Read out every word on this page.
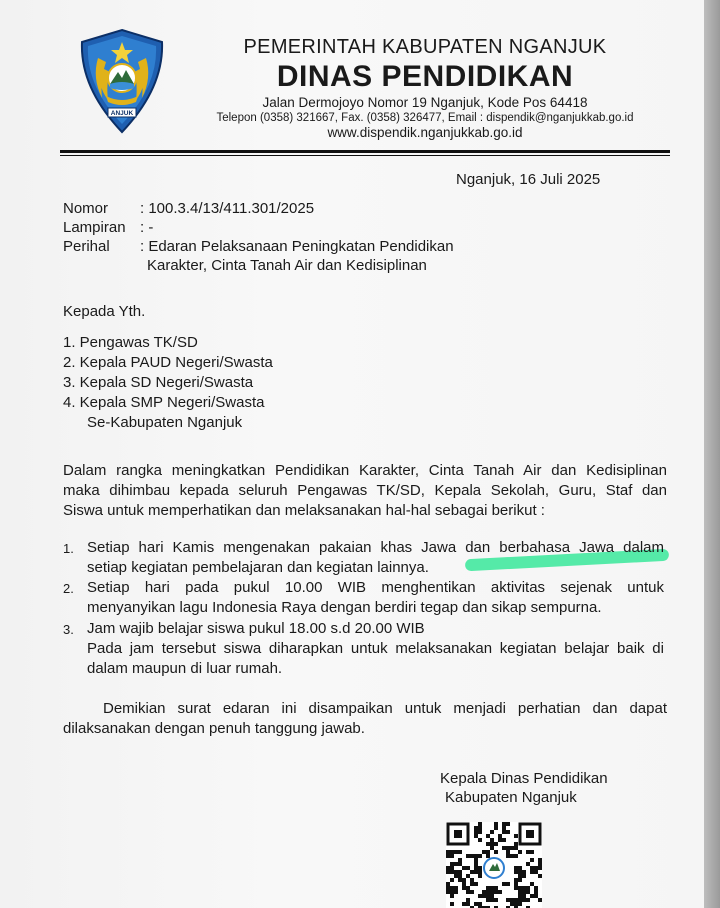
ANJUK
PEMERINTAH KABUPATEN NGANJUK
DINAS PENDIDIKAN
Jalan Dermojoyo Nomor 19 Nganjuk, Kode Pos 64418
Telepon (0358) 321667, Fax. (0358) 326477, Email : dispendik@nganjukkab.go.id
www.dispendik.nganjukkab.go.id
Nganjuk, 16 Juli 2025
Nomor : 100.3.4/13/411.301/2025
Lampiran : -
Perihal : Edaran Pelaksanaan Peningkatan Pendidikan
Karakter, Cinta Tanah Air dan Kedisiplinan
Kepada Yth.
1. Pengawas TK/SD
2. Kepala PAUD Negeri/Swasta
3. Kepala SD Negeri/Swasta
4. Kepala SMP Negeri/Swasta
Se-Kabupaten Nganjuk
Dalam rangka meningkatkan Pendidikan Karakter, Cinta Tanah Air dan Kedisiplinan
maka dihimbau kepada seluruh Pengawas TK/SD, Kepala Sekolah, Guru, Staf dan
Siswa untuk memperhatikan dan melaksanakan hal-hal sebagai berikut :
1. Setiap hari Kamis mengenakan pakaian khas Jawa dan berbahasa Jawa dalam
setiap kegiatan pembelajaran dan kegiatan lainnya.
2. Setiap hari pada pukul 10.00 WIB menghentikan aktivitas sejenak untuk
menyanyikan lagu Indonesia Raya dengan berdiri tegap dan sikap sempurna.
3. Jam wajib belajar siswa pukul 18.00 s.d 20.00 WIB
Pada jam tersebut siswa diharapkan untuk melaksanakan kegiatan belajar baik di
dalam maupun di luar rumah.
Demikian surat edaran ini disampaikan untuk menjadi perhatian dan dapat
dilaksanakan dengan penuh tanggung jawab.
Kepala Dinas Pendidikan
Kabupaten Nganjuk
